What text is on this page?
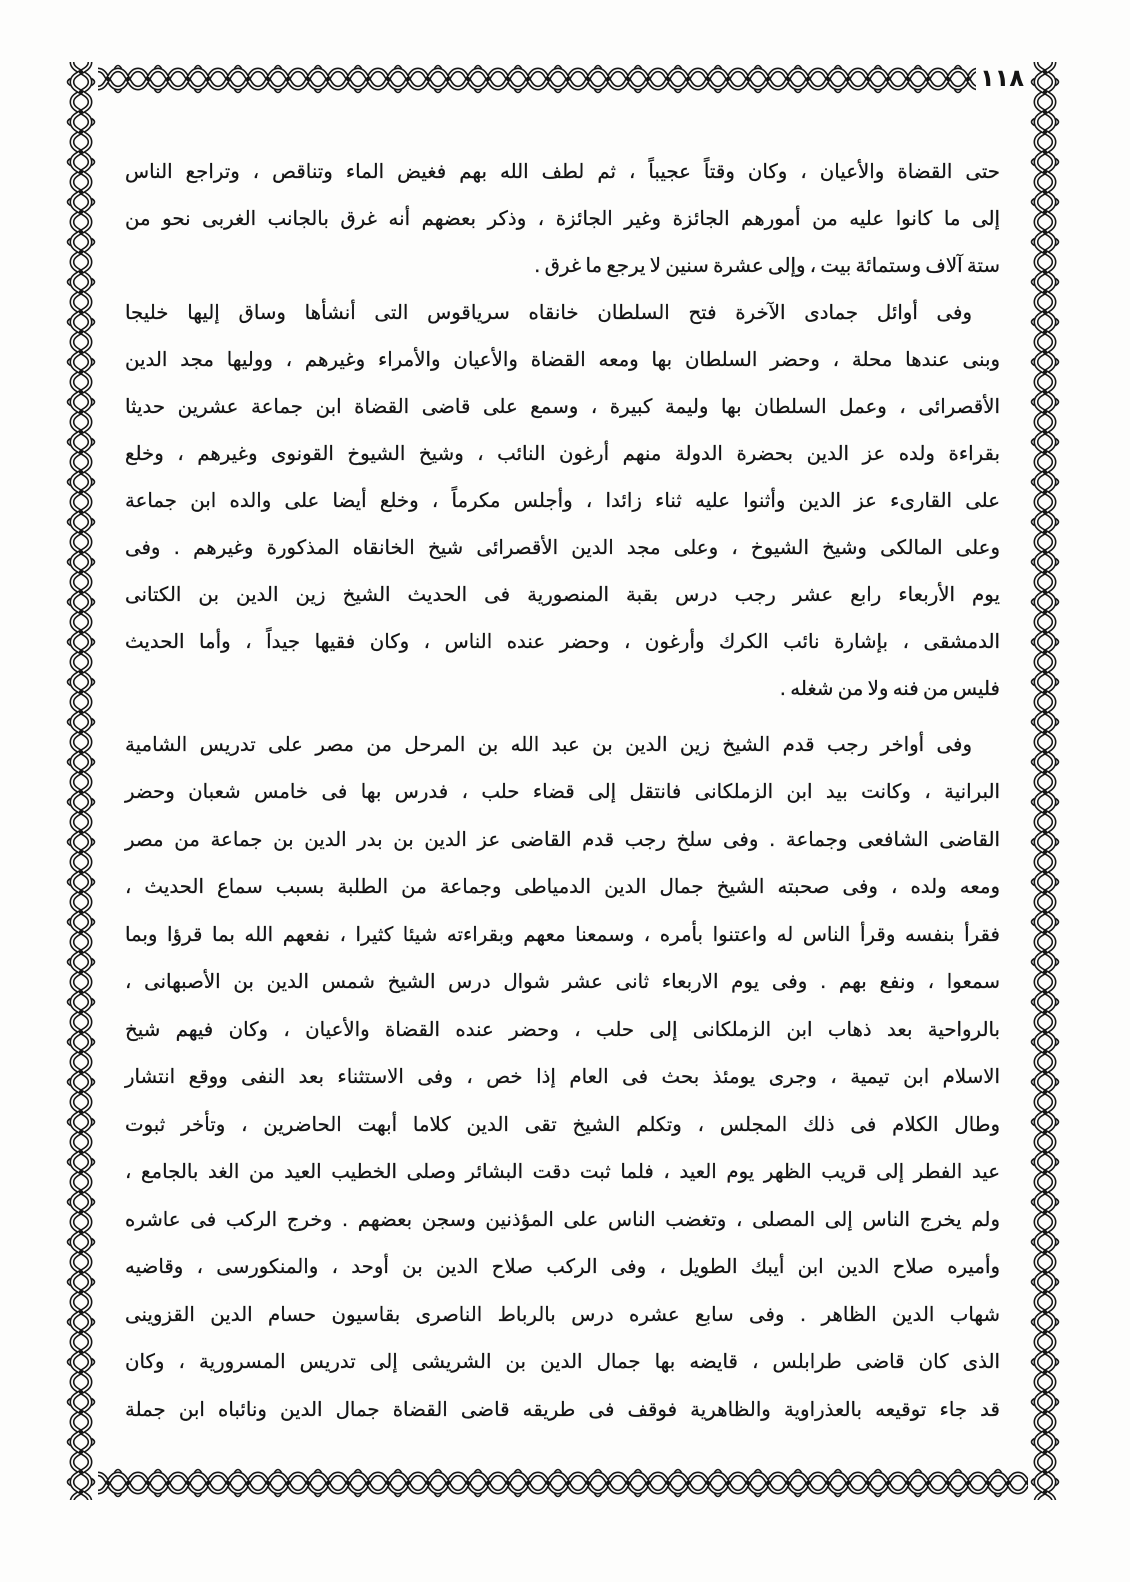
١١٨
حتى القضاة والأعيان ، وكان وقتاً عجيباً ، ثم لطف الله بهم فغيض الماء وتناقص ، وتراجع الناس
إلى ما كانوا عليه من أمورهم الجائزة وغير الجائزة ، وذكر بعضهم أنه غرق بالجانب الغربى نحو من
ستة آلاف وستمائة بيت ، وإلى عشرة سنين لا يرجع ما غرق .
وفى أوائل جمادى الآخرة فتح السلطان خانقاه سرياقوس التى أنشأها وساق إليها خليجا
وبنى عندها محلة ، وحضر السلطان بها ومعه القضاة والأعيان والأمراء وغيرهم ، ووليها مجد الدين
الأقصرائى ، وعمل السلطان بها وليمة كبيرة ، وسمع على قاضى القضاة ابن جماعة عشرين حديثا
بقراءة ولده عز الدين بحضرة الدولة منهم أرغون النائب ، وشيخ الشيوخ القونوى وغيرهم ، وخلع
على القارىء عز الدين وأثنوا عليه ثناء زائدا ، وأجلس مكرماً ، وخلع أيضا على والده ابن جماعة
وعلى المالكى وشيخ الشيوخ ، وعلى مجد الدين الأقصرائى شيخ الخانقاه المذكورة وغيرهم . وفى
يوم الأربعاء رابع عشر رجب درس بقبة المنصورية فى الحديث الشيخ زين الدين بن الكتانى
الدمشقى ، بإشارة نائب الكرك وأرغون ، وحضر عنده الناس ، وكان فقيها جيداً ، وأما الحديث
فليس من فنه ولا من شغله .
وفى أواخر رجب قدم الشيخ زين الدين بن عبد الله بن المرحل من مصر على تدريس الشامية
البرانية ، وكانت بيد ابن الزملكانى فانتقل إلى قضاء حلب ، فدرس بها فى خامس شعبان وحضر
القاضى الشافعى وجماعة . وفى سلخ رجب قدم القاضى عز الدين بن بدر الدين بن جماعة من مصر
ومعه ولده ، وفى صحبته الشيخ جمال الدين الدمياطى وجماعة من الطلبة بسبب سماع الحديث ،
فقرأ بنفسه وقرأ الناس له واعتنوا بأمره ، وسمعنا معهم وبقراءته شيئا كثيرا ، نفعهم الله بما قرؤا وبما
سمعوا ، ونفع بهم . وفى يوم الاربعاء ثانى عشر شوال درس الشيخ شمس الدين بن الأصبهانى ،
بالرواحية بعد ذهاب ابن الزملكانى إلى حلب ، وحضر عنده القضاة والأعيان ، وكان فيهم شيخ
الاسلام ابن تيمية ، وجرى يومئذ بحث فى العام إذا خص ، وفى الاستثناء بعد النفى ووقع انتشار
وطال الكلام فى ذلك المجلس ، وتكلم الشيخ تقى الدين كلاما أبهت الحاضرين ، وتأخر ثبوت
عيد الفطر إلى قريب الظهر يوم العيد ، فلما ثبت دقت البشائر وصلى الخطيب العيد من الغد بالجامع ،
ولم يخرج الناس إلى المصلى ، وتغضب الناس على المؤذنين وسجن بعضهم . وخرج الركب فى عاشره
وأميره صلاح الدين ابن أيبك الطويل ، وفى الركب صلاح الدين بن أوحد ، والمنكورسى ، وقاضيه
شهاب الدين الظاهر . وفى سابع عشره درس بالرباط الناصرى بقاسيون حسام الدين القزوينى
الذى كان قاضى طرابلس ، قايضه بها جمال الدين بن الشريشى إلى تدريس المسرورية ، وكان
قد جاء توقيعه بالعذراوية والظاهرية فوقف فى طريقه قاضى القضاة جمال الدين ونائباه ابن جملة
